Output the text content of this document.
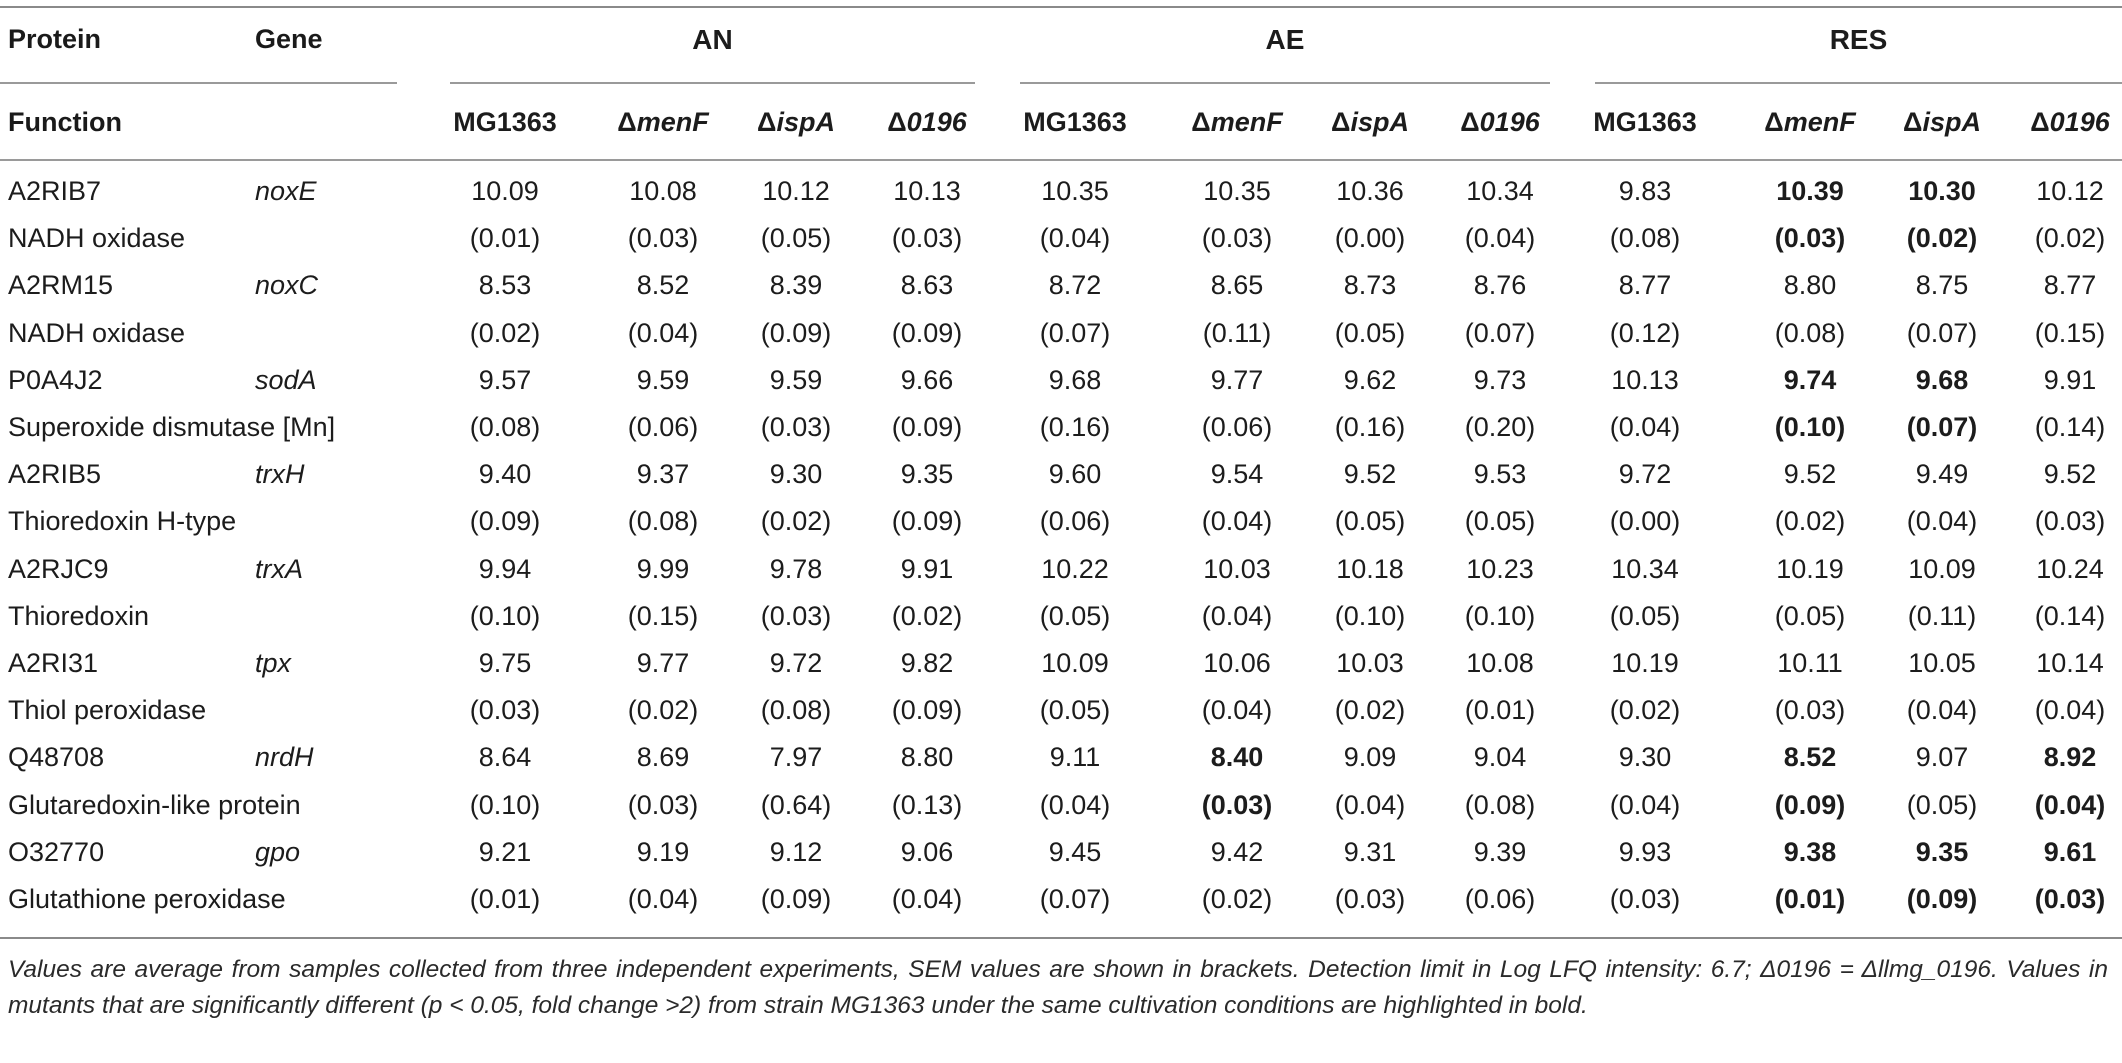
Protein	Gene
Function
AN	AE	RES
MG1363	ΔmenF	ΔispA	Δ0196	MG1363	ΔmenF	ΔispA	Δ0196	MG1363	ΔmenF	ΔispA	Δ0196
A2RIB7	noxE	10.09	10.08	10.12	10.13	10.35	10.35	10.36	10.34	9.83	10.39	10.30	10.12
NADH oxidase	(0.01)	(0.03)	(0.05)	(0.03)	(0.04)	(0.03)	(0.00)	(0.04)	(0.08)	(0.03)	(0.02)	(0.02)
A2RM15	noxC	8.53	8.52	8.39	8.63	8.72	8.65	8.73	8.76	8.77	8.80	8.75	8.77
NADH oxidase	(0.02)	(0.04)	(0.09)	(0.09)	(0.07)	(0.11)	(0.05)	(0.07)	(0.12)	(0.08)	(0.07)	(0.15)
P0A4J2	sodA	9.57	9.59	9.59	9.66	9.68	9.77	9.62	9.73	10.13	9.74	9.68	9.91
Superoxide dismutase [Mn]	(0.08)	(0.06)	(0.03)	(0.09)	(0.16)	(0.06)	(0.16)	(0.20)	(0.04)	(0.10)	(0.07)	(0.14)
A2RIB5	trxH	9.40	9.37	9.30	9.35	9.60	9.54	9.52	9.53	9.72	9.52	9.49	9.52
Thioredoxin H-type	(0.09)	(0.08)	(0.02)	(0.09)	(0.06)	(0.04)	(0.05)	(0.05)	(0.00)	(0.02)	(0.04)	(0.03)
A2RJC9	trxA	9.94	9.99	9.78	9.91	10.22	10.03	10.18	10.23	10.34	10.19	10.09	10.24
Thioredoxin	(0.10)	(0.15)	(0.03)	(0.02)	(0.05)	(0.04)	(0.10)	(0.10)	(0.05)	(0.05)	(0.11)	(0.14)
A2RI31	tpx	9.75	9.77	9.72	9.82	10.09	10.06	10.03	10.08	10.19	10.11	10.05	10.14
Thiol peroxidase	(0.03)	(0.02)	(0.08)	(0.09)	(0.05)	(0.04)	(0.02)	(0.01)	(0.02)	(0.03)	(0.04)	(0.04)
Q48708	nrdH	8.64	8.69	7.97	8.80	9.11	8.40	9.09	9.04	9.30	8.52	9.07	8.92
Glutaredoxin-like protein	(0.10)	(0.03)	(0.64)	(0.13)	(0.04)	(0.03)	(0.04)	(0.08)	(0.04)	(0.09)	(0.05)	(0.04)
O32770	gpo	9.21	9.19	9.12	9.06	9.45	9.42	9.31	9.39	9.93	9.38	9.35	9.61
Glutathione peroxidase	(0.01)	(0.04)	(0.09)	(0.04)	(0.07)	(0.02)	(0.03)	(0.06)	(0.03)	(0.01)	(0.09)	(0.03)
Values are average from samples collected from three independent experiments, SEM values are shown in brackets. Detection limit in Log LFQ intensity: 6.7; Δ0196 = Δllmg_0196. Values in mutants that are significantly different (p < 0.05, fold change >2) from strain MG1363 under the same cultivation conditions are highlighted in bold.
